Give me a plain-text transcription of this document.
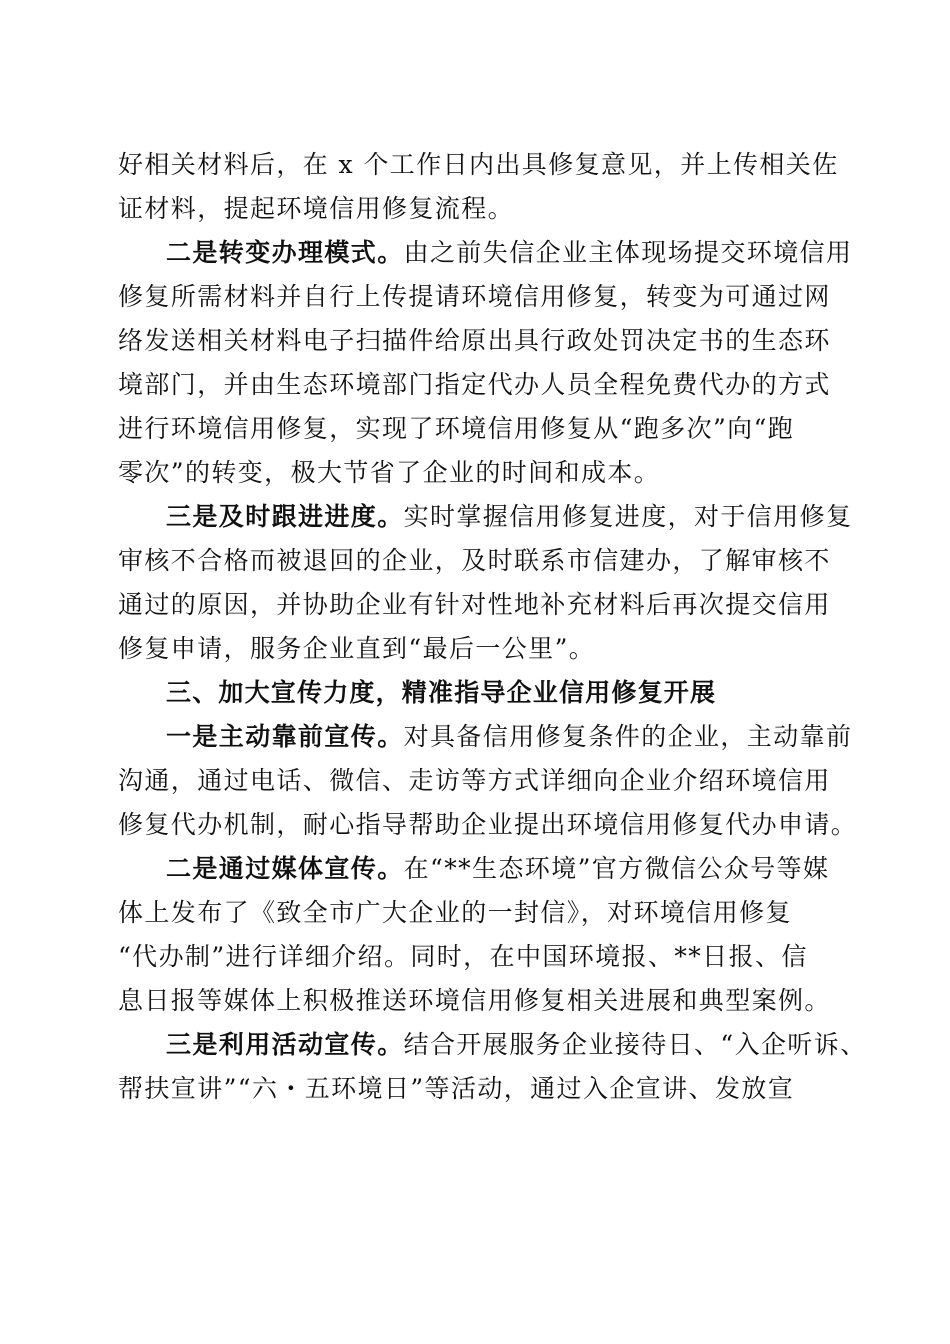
好相关材料后，在 x 个工作日内出具修复意见，并上传相关佐
证材料，提起环境信用修复流程。
二是转变办理模式。由之前失信企业主体现场提交环境信用
修复所需材料并自行上传提请环境信用修复，转变为可通过网
络发送相关材料电子扫描件给原出具行政处罚决定书的生态环
境部门，并由生态环境部门指定代办人员全程免费代办的方式
进行环境信用修复，实现了环境信用修复从“跑多次”向“跑
零次”的转变，极大节省了企业的时间和成本。
三是及时跟进进度。实时掌握信用修复进度，对于信用修复
审核不合格而被退回的企业，及时联系市信建办，了解审核不
通过的原因，并协助企业有针对性地补充材料后再次提交信用
修复申请，服务企业直到“最后一公里”。
三、加大宣传力度，精准指导企业信用修复开展
一是主动靠前宣传。对具备信用修复条件的企业，主动靠前
沟通，通过电话、微信、走访等方式详细向企业介绍环境信用
修复代办机制，耐心指导帮助企业提出环境信用修复代办申请。
二是通过媒体宣传。在“**生态环境”官方微信公众号等媒
体上发布了《致全市广大企业的一封信》，对环境信用修复
“代办制”进行详细介绍。同时，在中国环境报、**日报、信
息日报等媒体上积极推送环境信用修复相关进展和典型案例。
三是利用活动宣传。结合开展服务企业接待日、“入企听诉、
帮扶宣讲”“六・五环境日”等活动，通过入企宣讲、发放宣
